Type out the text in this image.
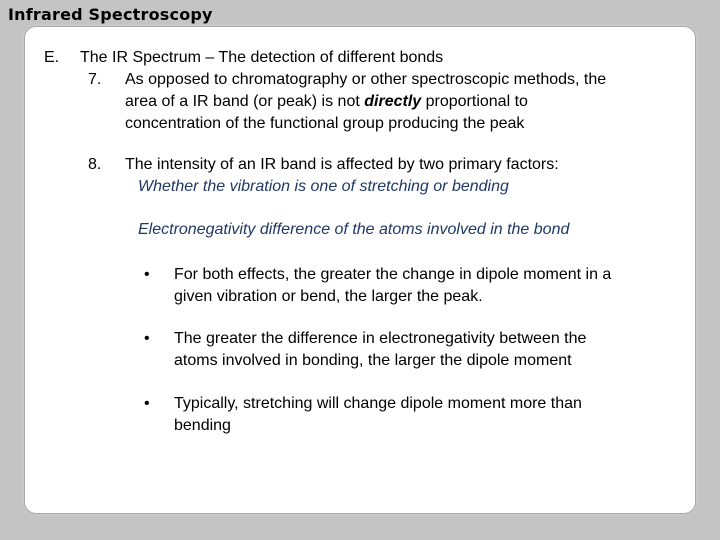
Infrared Spectroscopy
E. The IR Spectrum – The detection of different bonds
7. As opposed to chromatography or other spectroscopic methods, the
area of a IR band (or peak) is not directly proportional to
concentration of the functional group producing the peak
8. The intensity of an IR band is affected by two primary factors:
Whether the vibration is one of stretching or bending
Electronegativity difference of the atoms involved in the bond
• For both effects, the greater the change in dipole moment in a
given vibration or bend, the larger the peak.
• The greater the difference in electronegativity between the
atoms involved in bonding, the larger the dipole moment
• Typically, stretching will change dipole moment more than
bending
